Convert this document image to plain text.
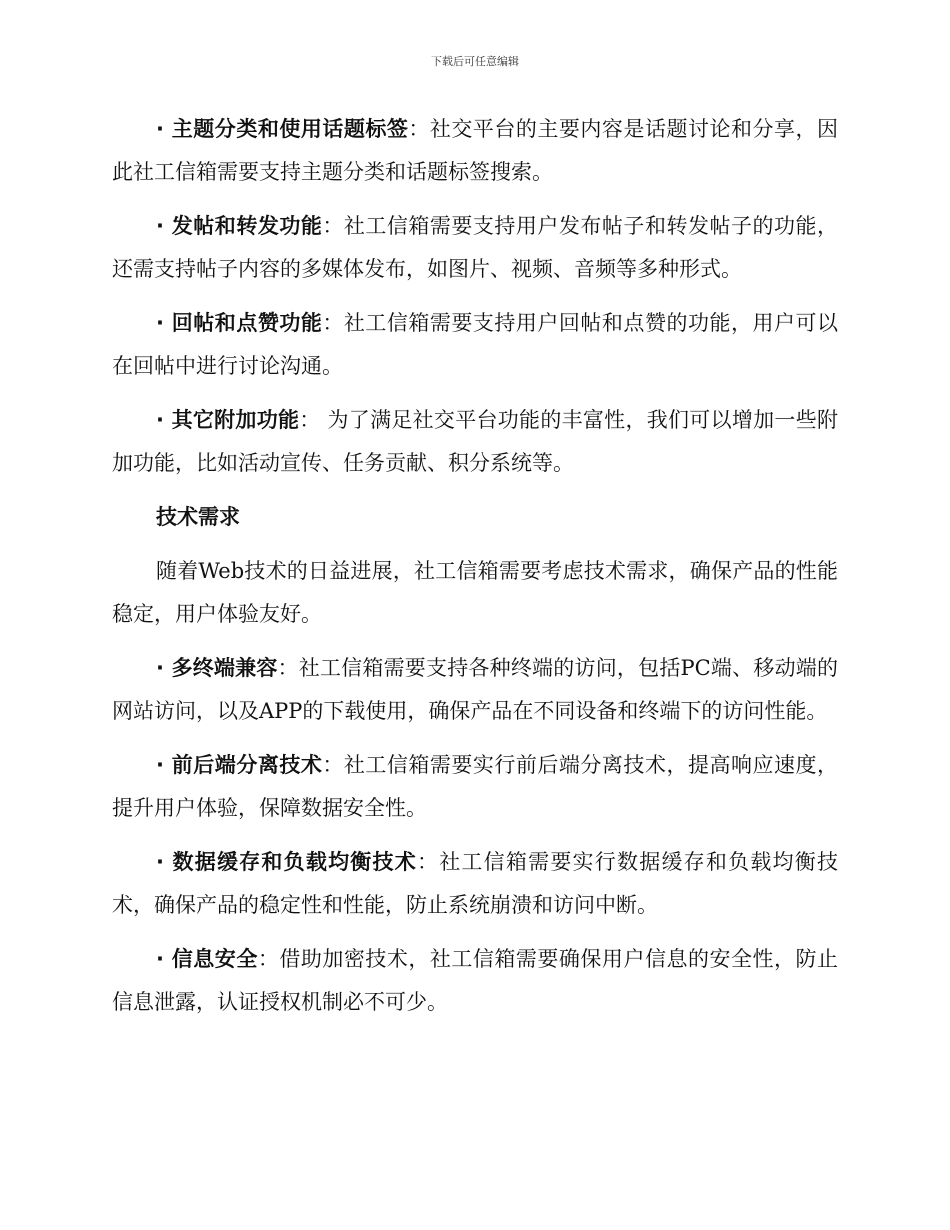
下载后可任意编辑

· 主题分类和使用话题标签：社交平台的主要内容是话题讨论和分享，因此社工信箱需要支持主题分类和话题标签搜索。

· 发帖和转发功能：社工信箱需要支持用户发布帖子和转发帖子的功能，还需支持帖子内容的多媒体发布，如图片、视频、音频等多种形式。

· 回帖和点赞功能：社工信箱需要支持用户回帖和点赞的功能，用户可以在回帖中进行讨论沟通。

· 其它附加功能： 为了满足社交平台功能的丰富性，我们可以增加一些附加功能，比如活动宣传、任务贡献、积分系统等。

技术需求

随着Web技术的日益进展，社工信箱需要考虑技术需求，确保产品的性能稳定，用户体验友好。

· 多终端兼容：社工信箱需要支持各种终端的访问，包括PC端、移动端的网站访问，以及APP的下载使用，确保产品在不同设备和终端下的访问性能。

· 前后端分离技术：社工信箱需要实行前后端分离技术，提高响应速度，提升用户体验，保障数据安全性。

· 数据缓存和负载均衡技术：社工信箱需要实行数据缓存和负载均衡技术，确保产品的稳定性和性能，防止系统崩溃和访问中断。

· 信息安全：借助加密技术，社工信箱需要确保用户信息的安全性，防止信息泄露，认证授权机制必不可少。
